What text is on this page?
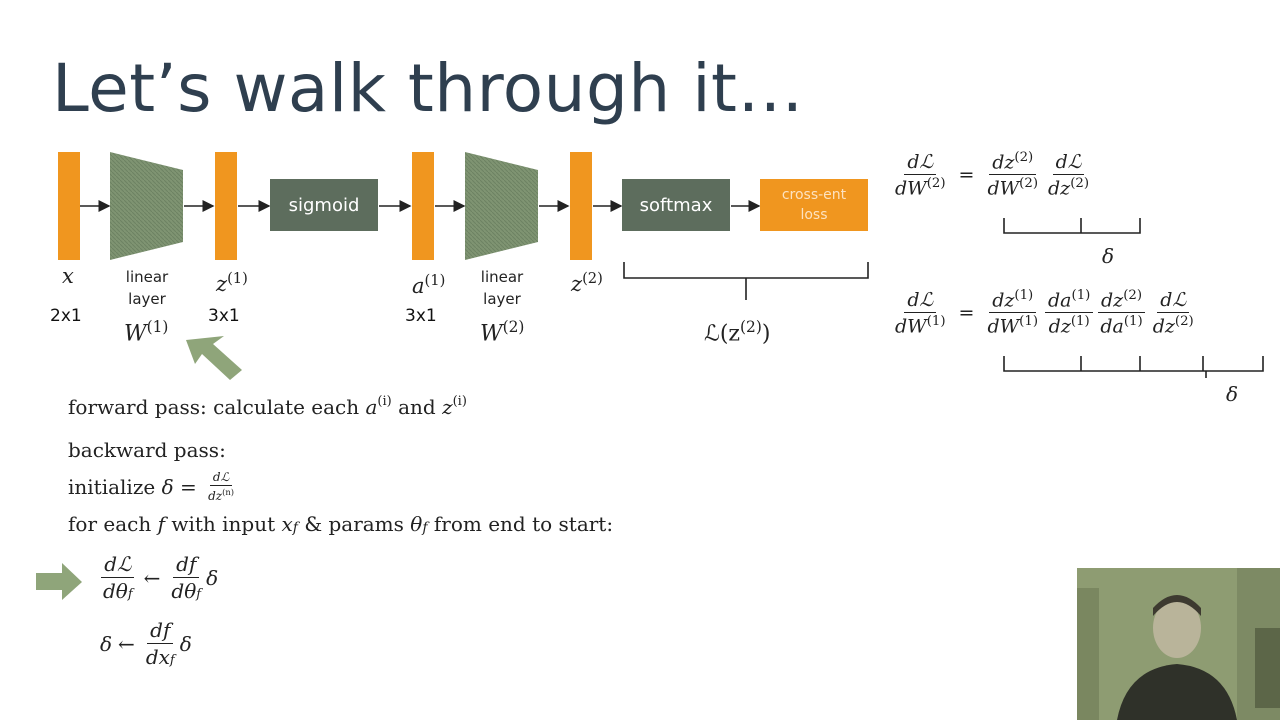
Let’s walk through it…
sigmoid	softmax	cross-ent
loss
x
2x1
linear
layer
$W^{(1)}$
$z^{(1)}$
3x1
$a^{(1)}$
3x1
linear
layer
$W^{(2)}$
$z^{(2)}$
$ℒ(z^{(2)})$
$\frac{\text{dℒ}}{dW^{(2)}} = \frac{dz^{(2)}}{dW^{(2)}} \frac{\text{dℒ}}{dz^{(2)}}$
δ
$\frac{\text{dℒ}}{dW^{(1)}} = \frac{dz^{(1)}}{dW^{(1)}} \frac{da^{(1)}}{dz^{(1)}} \frac{dz^{(2)}}{da^{(1)}} \frac{\text{dℒ}}{dz^{(2)}}$
δ
forward pass: calculate each
a (i)
and
z (i)
backward pass:
initialize
δ
=
$\frac{\text{dℒ}}{dz^{(n)}}$
for each
f
with input
x f
& params
θ f
from end to start:
$\frac{\text{dℒ}}{\text{dθf}}$ ← $\frac{df}{\text{dθf}}$ δ
δ ← $\frac{df}{\text{dxf}}$ δ
